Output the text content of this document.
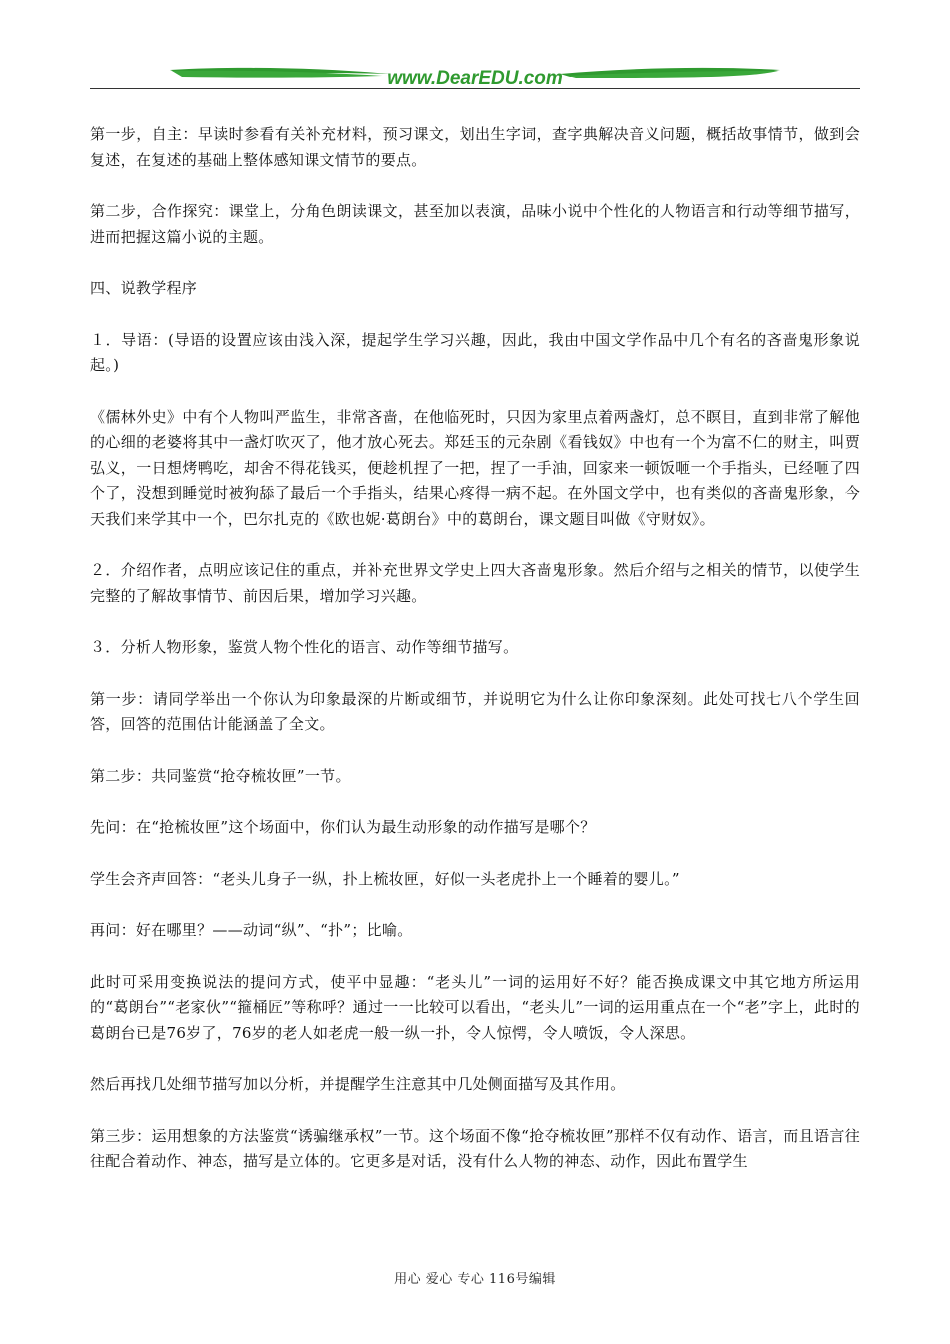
www.DearEDU.com

第一步，自主：早读时参看有关补充材料，预习课文，划出生字词，查字典解决音义问题，概括故事情节，做到会复述，在复述的基础上整体感知课文情节的要点。

第二步，合作探究：课堂上，分角色朗读课文，甚至加以表演，品味小说中个性化的人物语言和行动等细节描写，进而把握这篇小说的主题。

四、说教学程序

１．导语：(导语的设置应该由浅入深，提起学生学习兴趣，因此，我由中国文学作品中几个有名的吝啬鬼形象说起。)

《儒林外史》中有个人物叫严监生，非常吝啬，在他临死时，只因为家里点着两盏灯，总不瞑目，直到非常了解他的心细的老婆将其中一盏灯吹灭了，他才放心死去。郑廷玉的元杂剧《看钱奴》中也有一个为富不仁的财主，叫贾弘义，一日想烤鸭吃，却舍不得花钱买，便趁机捏了一把，捏了一手油，回家来一顿饭咂一个手指头，已经咂了四个了，没想到睡觉时被狗舔了最后一个手指头，结果心疼得一病不起。在外国文学中，也有类似的吝啬鬼形象，今天我们来学其中一个，巴尔扎克的《欧也妮·葛朗台》中的葛朗台，课文题目叫做《守财奴》。

２．介绍作者，点明应该记住的重点，并补充世界文学史上四大吝啬鬼形象。然后介绍与之相关的情节，以使学生完整的了解故事情节、前因后果，增加学习兴趣。

３．分析人物形象，鉴赏人物个性化的语言、动作等细节描写。

第一步：请同学举出一个你认为印象最深的片断或细节，并说明它为什么让你印象深刻。此处可找七八个学生回答，回答的范围估计能涵盖了全文。

第二步：共同鉴赏“抢夺梳妆匣”一节。

先问：在“抢梳妆匣”这个场面中，你们认为最生动形象的动作描写是哪个？

学生会齐声回答：“老头儿身子一纵，扑上梳妆匣，好似一头老虎扑上一个睡着的婴儿。”

再问：好在哪里？——动词“纵”、“扑”；比喻。

此时可采用变换说法的提问方式，使平中显趣：“老头儿”一词的运用好不好？能否换成课文中其它地方所运用的“葛朗台”“老家伙”“箍桶匠”等称呼？通过一一比较可以看出，“老头儿”一词的运用重点在一个“老”字上，此时的葛朗台已是76岁了，76岁的老人如老虎一般一纵一扑，令人惊愕，令人喷饭，令人深思。

然后再找几处细节描写加以分析，并提醒学生注意其中几处侧面描写及其作用。

第三步：运用想象的方法鉴赏“诱骗继承权”一节。这个场面不像“抢夺梳妆匣”那样不仅有动作、语言，而且语言往往配合着动作、神态，描写是立体的。它更多是对话，没有什么人物的神态、动作，因此布置学生

用心 爱心 专心 116号编辑
